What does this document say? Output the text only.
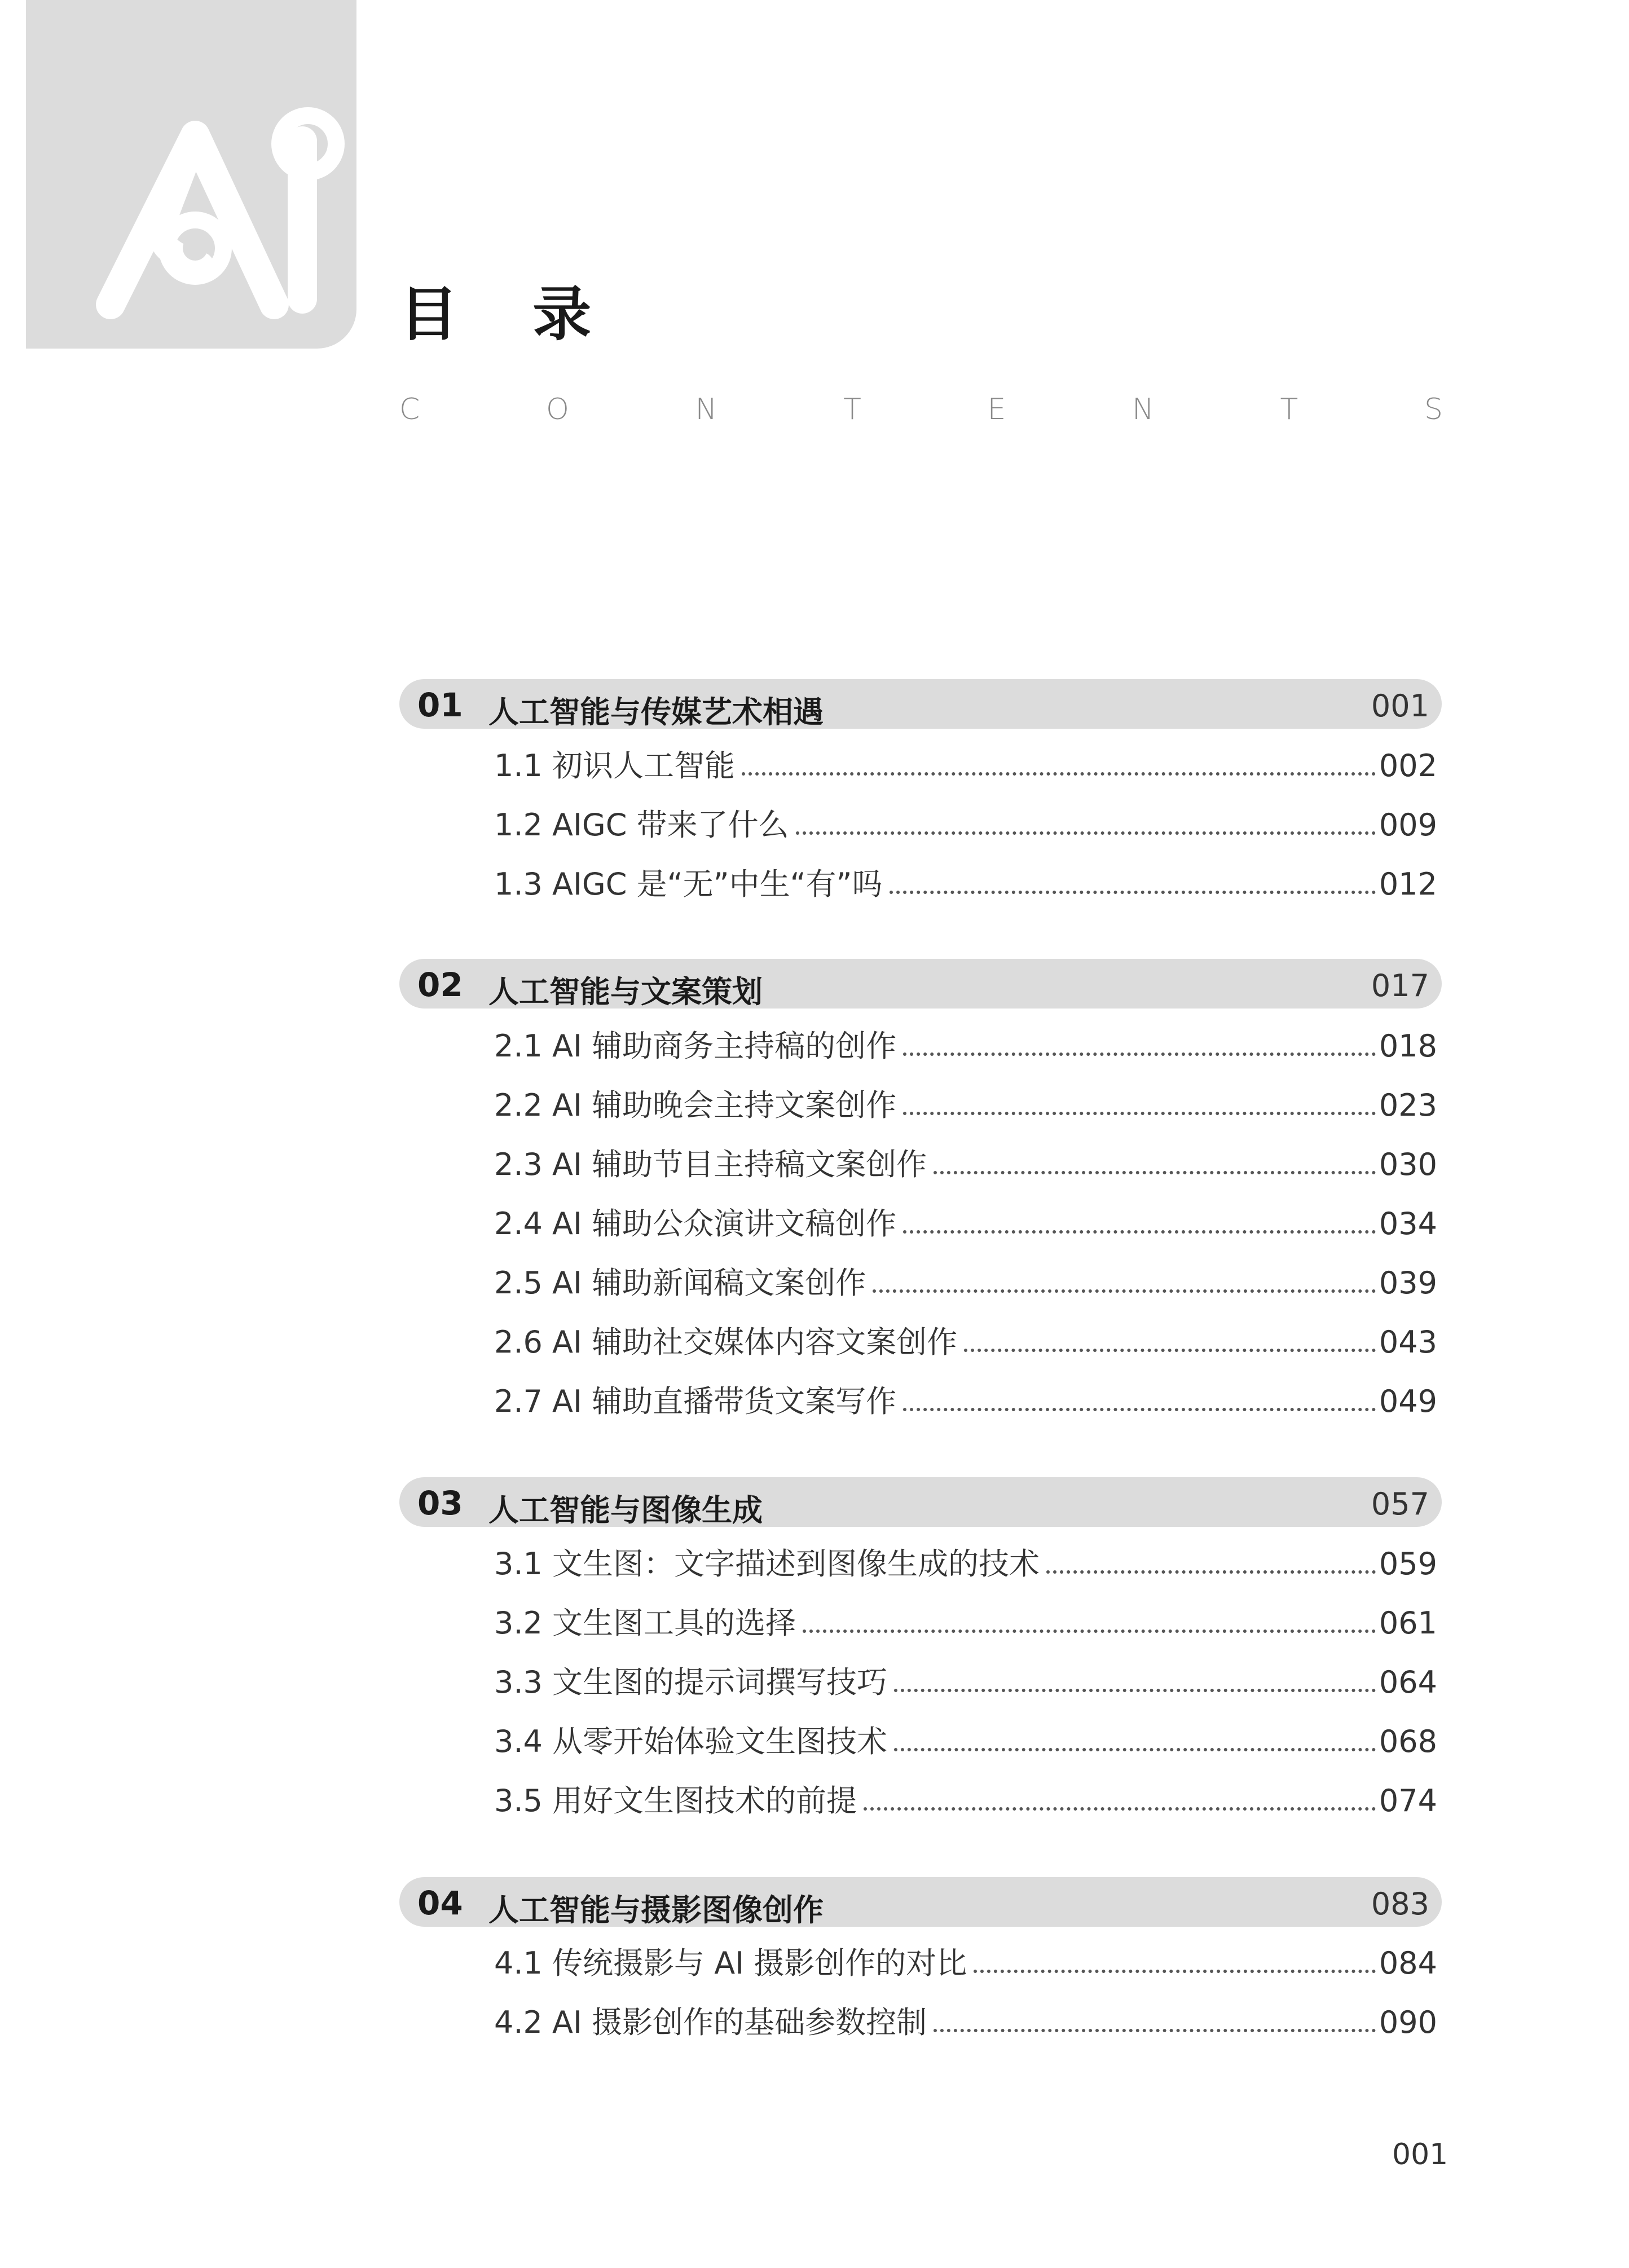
目 录
C	O	N	T	E	N	T	S
01 人工智能与传媒艺术相遇	001
1.1 初识人工智能	002
1.2 AIGC 带来了什么	009
1.3 AIGC 是“无”中生“有”吗	012
02 人工智能与文案策划	017
2.1 AI 辅助商务主持稿的创作	018
2.2 AI 辅助晚会主持文案创作	023
2.3 AI 辅助节目主持稿文案创作	030
2.4 AI 辅助公众演讲文稿创作	034
2.5 AI 辅助新闻稿文案创作	039
2.6 AI 辅助社交媒体内容文案创作	043
2.7 AI 辅助直播带货文案写作	049
03 人工智能与图像生成	057
3.1 文生图：文字描述到图像生成的技术	059
3.2 文生图工具的选择	061
3.3 文生图的提示词撰写技巧	064
3.4 从零开始体验文生图技术	068
3.5 用好文生图技术的前提	074
04 人工智能与摄影图像创作	083
4.1 传统摄影与 AI 摄影创作的对比	084
4.2 AI 摄影创作的基础参数控制	090
001
